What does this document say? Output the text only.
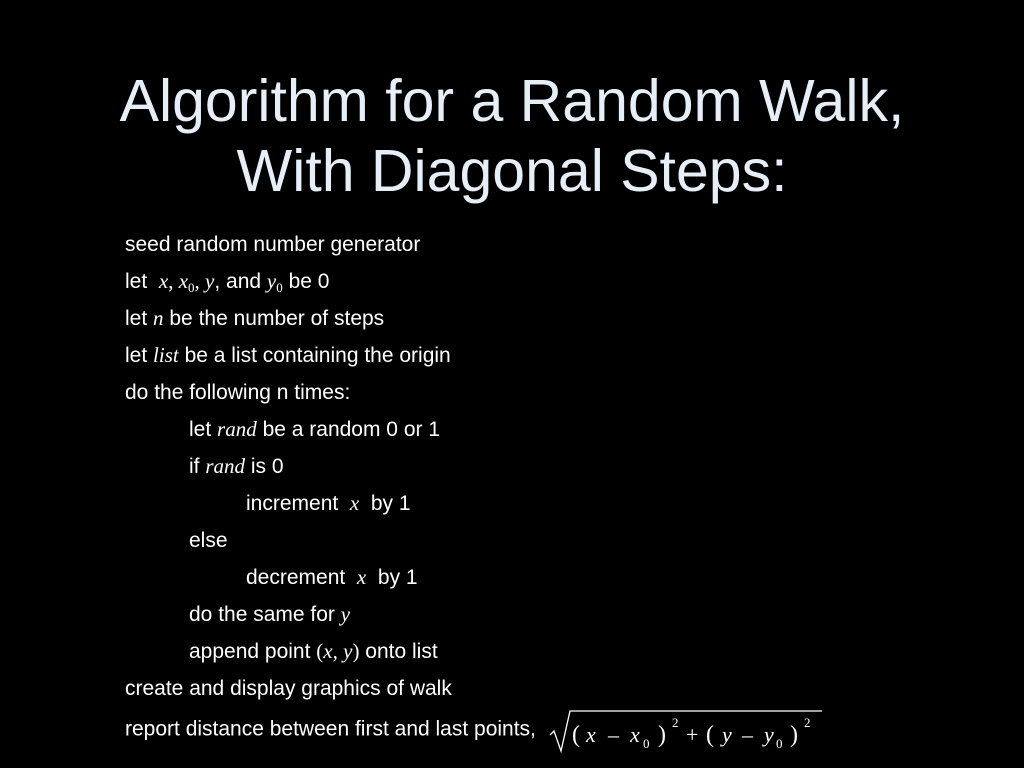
Algorithm for a Random Walk,
With Diagonal Steps:
seed random number generator
let x, $x_0$, y, and $y_0$ be 0
let n be the number of steps
let list be a list containing the origin
do the following n times:
let rand be a random 0 or 1
if rand is 0
increment x by 1
else
decrement x by 1
do the same for y
append point (x, y) onto list
create and display graphics of walk
report distance between first and last points, ( x – x 0 ) 2 + ( y – y 0 ) 2
